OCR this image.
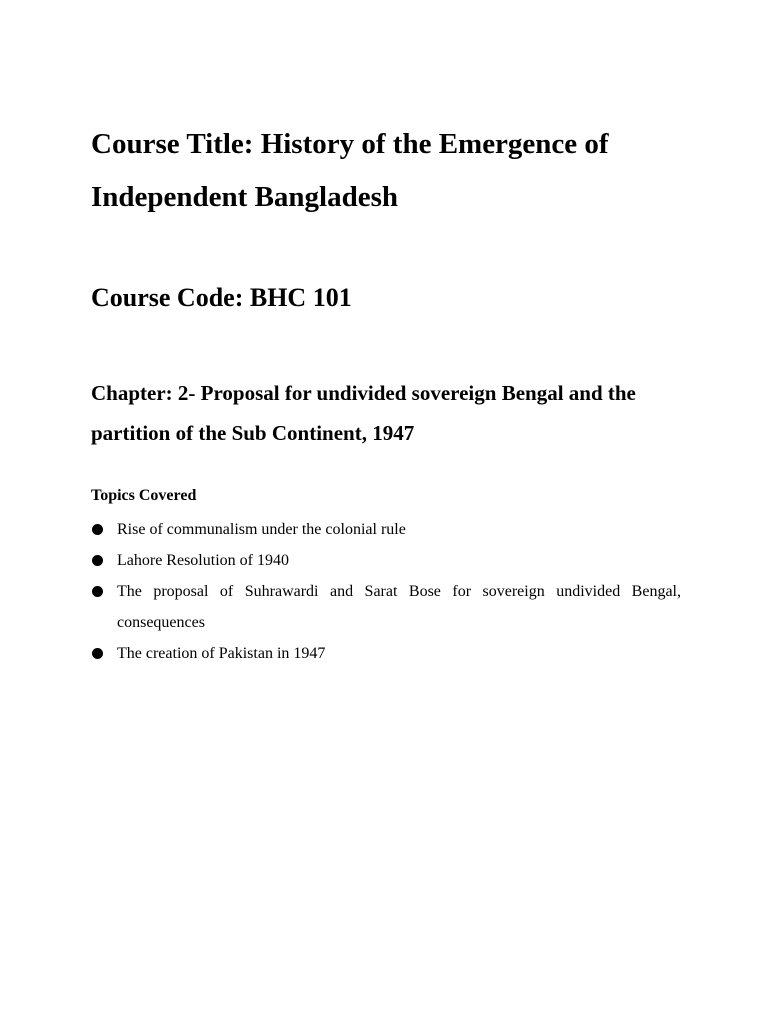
Course Title: History of the Emergence of Independent Bangladesh
Course Code: BHC 101
Chapter: 2- Proposal for undivided sovereign Bengal and the partition of the Sub Continent, 1947
Topics Covered
Rise of communalism under the colonial rule
Lahore Resolution of 1940
The proposal of Suhrawardi and Sarat Bose for sovereign undivided Bengal, consequences
The creation of Pakistan in 1947
